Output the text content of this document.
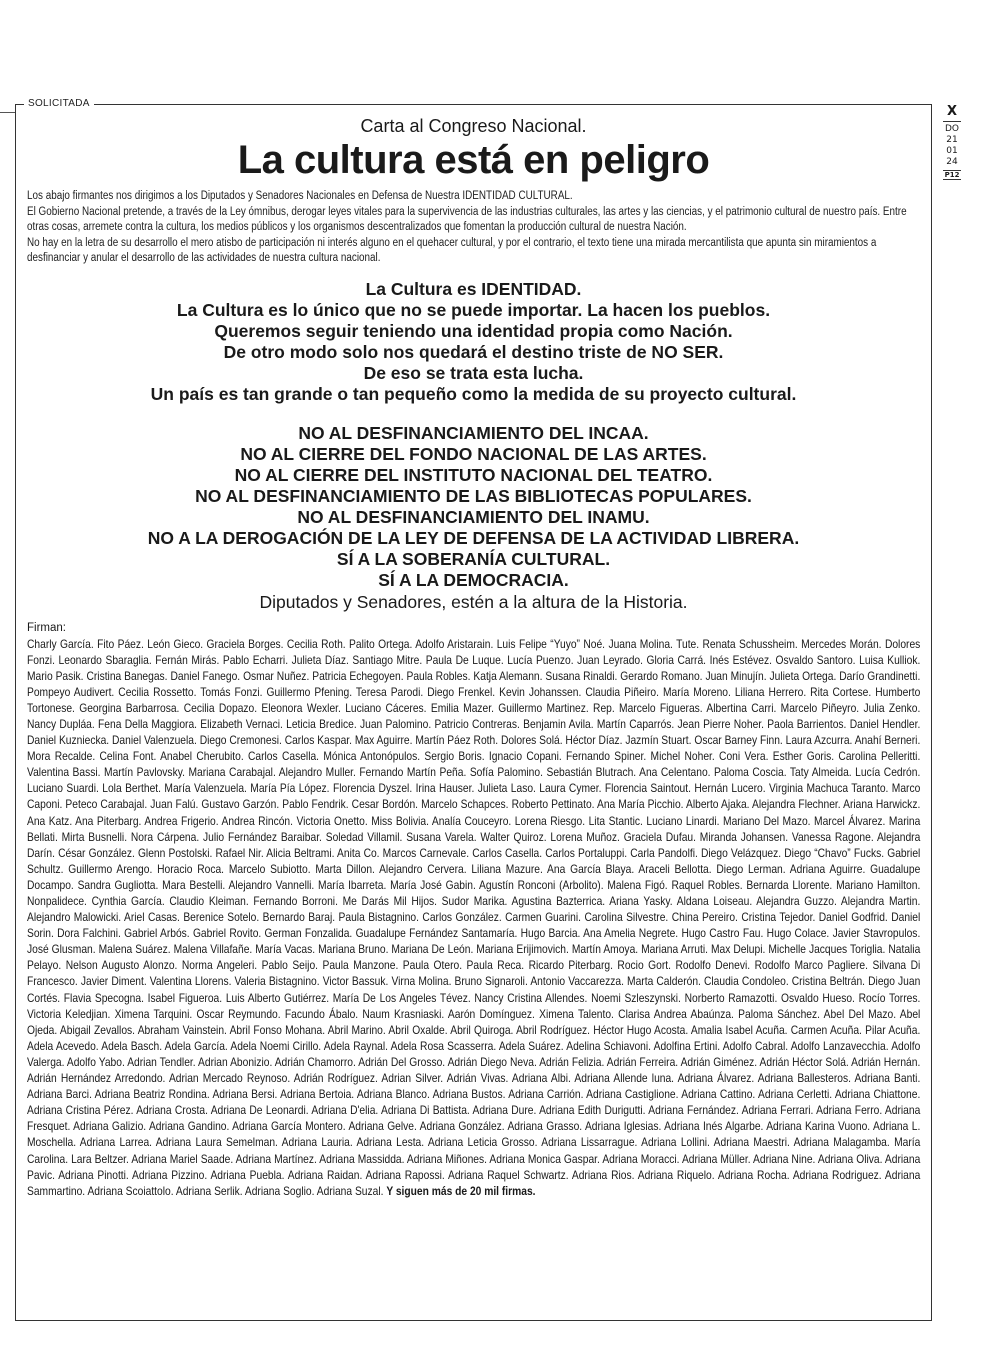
X
DO
21
01
24
P12
SOLICITADA

Carta al Congreso Nacional.

La cultura está en peligro

Los abajo firmantes nos dirigimos a los Diputados y Senadores Nacionales en Defensa de Nuestra IDENTIDAD CULTURAL.

El Gobierno Nacional pretende, a través de la Ley ómnibus, derogar leyes vitales para la supervivencia de las industrias culturales, las artes y las ciencias, y el patrimonio cultural de nuestro país. Entre otras cosas, arremete contra la cultura, los medios públicos y los organismos descentralizados que fomentan la producción cultural de nuestra Nación.

No hay en la letra de su desarrollo el mero atisbo de participación ni interés alguno en el quehacer cultural, y por el contrario, el texto tiene una mirada mercantilista que apunta sin miramientos a desfinanciar y anular el desarrollo de las actividades de nuestra cultura nacional.

La Cultura es IDENTIDAD.
La Cultura es lo único que no se puede importar. La hacen los pueblos.
Queremos seguir teniendo una identidad propia como Nación.
De otro modo solo nos quedará el destino triste de NO SER.
De eso se trata esta lucha.
Un país es tan grande o tan pequeño como la medida de su proyecto cultural.
NO AL DESFINANCIAMIENTO DEL INCAA.
NO AL CIERRE DEL FONDO NACIONAL DE LAS ARTES.
NO AL CIERRE DEL INSTITUTO NACIONAL DEL TEATRO.
NO AL DESFINANCIAMIENTO DE LAS BIBLIOTECAS POPULARES.
NO AL DESFINANCIAMIENTO DEL INAMU.
NO A LA DEROGACIÓN DE LA LEY DE DEFENSA DE LA ACTIVIDAD LIBRERA.
SÍ A LA SOBERANÍA CULTURAL.
SÍ A LA DEMOCRACIA.
Diputados y Senadores, estén a la altura de la Historia.
Firman:
Charly García. Fito Páez. León Gieco. Graciela Borges. Cecilia Roth. Palito Ortega. Adolfo Aristarain. Luis Felipe “Yuyo” Noé. Juana Molina. Tute. Renata Schussheim. Mercedes Morán. Dolores Fonzi. Leonardo Sbaraglia. Fernán Mirás. Pablo Echarri. Julieta Díaz. Santiago Mitre. Paula De Luque. Lucía Puenzo. Juan Leyrado. Gloria Carrá. Inés Estévez. Osvaldo Santoro. Luisa Kulliok. Mario Pasik. Cristina Banegas. Daniel Fanego. Osmar Nuñez. Patricia Echegoyen. Paula Robles. Katja Alemann. Susana Rinaldi. Gerardo Romano. Juan Minujín. Julieta Ortega. Darío Grandinetti. Pompeyo Audivert. Cecilia Rossetto. Tomás Fonzi. Guillermo Pfening. Teresa Parodi. Diego Frenkel. Kevin Johanssen. Claudia Piñeiro. María Moreno. Liliana Herrero. Rita Cortese. Humberto Tortonese. Georgina Barbarrosa. Cecilia Dopazo. Eleonora Wexler. Luciano Cáceres. Emilia Mazer. Guillermo Martinez. Rep. Marcelo Figueras. Albertina Carri. Marcelo Piñeyro. Julia Zenko. Nancy Dupláa. Fena Della Maggiora. Elizabeth Vernaci. Leticia Bredice. Juan Palomino. Patricio Contreras. Benjamin Avila. Martín Caparrós. Jean Pierre Noher. Paola Barrientos. Daniel Hendler. Daniel Kuzniecka. Daniel Valenzuela. Diego Cremonesi. Carlos Kaspar. Max Aguirre. Martín Páez Roth. Dolores Solá. Héctor Díaz. Jazmín Stuart. Oscar Barney Finn. Laura Azcurra. Anahí Berneri. Mora Recalde. Celina Font. Anabel Cherubito. Carlos Casella. Mónica Antonópulos. Sergio Boris. Ignacio Copani. Fernando Spiner. Michel Noher. Coni Vera. Esther Goris. Carolina Pelleritti. Valentina Bassi. Martín Pavlovsky. Mariana Carabajal. Alejandro Muller. Fernando Martín Peña. Sofía Palomino. Sebastián Blutrach. Ana Celentano. Paloma Coscia. Taty Almeida. Lucía Cedrón. Luciano Suardi. Lola Berthet. María Valenzuela. María Pía López. Florencia Dyszel. Irina Hauser. Julieta Laso. Laura Cymer. Florencia Saintout. Hernán Lucero. Virginia Machuca Taranto. Marco Caponi. Peteco Carabajal. Juan Falú. Gustavo Garzón. Pablo Fendrik. Cesar Bordón. Marcelo Schapces. Roberto Pettinato. Ana María Picchio. Alberto Ajaka. Alejandra Flechner. Ariana Harwickz. Ana Katz. Ana Piterbarg. Andrea Frigerio. Andrea Rincón. Victoria Onetto. Miss Bolivia. Analía Couceyro. Lorena Riesgo. Lita Stantic. Luciano Linardi. Mariano Del Mazo. Marcel Álvarez. Marina Bellati. Mirta Busnelli. Nora Cárpena. Julio Fernández Baraibar. Soledad Villamil. Susana Varela. Walter Quiroz. Lorena Muñoz. Graciela Dufau. Miranda Johansen. Vanessa Ragone. Alejandra Darín. César González. Glenn Postolski. Rafael Nir. Alicia Beltrami. Anita Co. Marcos Carnevale. Carlos Casella. Carlos Portaluppi. Carla Pandolfi. Diego Velázquez. Diego “Chavo” Fucks. Gabriel Schultz. Guillermo Arengo. Horacio Roca. Marcelo Subiotto. Marta Dillon. Alejandro Cervera. Liliana Mazure. Ana García Blaya. Araceli Bellotta. Diego Lerman. Adriana Aguirre. Guadalupe Docampo. Sandra Gugliotta. Mara Bestelli. Alejandro Vannelli. María Ibarreta. María José Gabin. Agustín Ronconi (Arbolito). Malena Figó. Raquel Robles. Bernarda Llorente. Mariano Hamilton. Nonpalidece. Cynthia García. Claudio Kleiman. Fernando Borroni. Me Darás Mil Hijos. Sudor Marika. Agustina Bazterrica. Ariana Yasky. Aldana Loiseau. Alejandra Guzzo. Alejandra Martin. Alejandro Malowicki. Ariel Casas. Berenice Sotelo. Bernardo Baraj. Paula Bistagnino. Carlos González. Carmen Guarini. Carolina Silvestre. China Pereiro. Cristina Tejedor. Daniel Godfrid. Daniel Sorin. Dora Falchini. Gabriel Arbós. Gabriel Rovito. German Fonzalida. Guadalupe Fernández Santamaría. Hugo Barcia. Ana Amelia Negrete. Hugo Castro Fau. Hugo Colace. Javier Stavropulos. José Glusman. Malena Suárez. Malena Villafañe. María Vacas. Mariana Bruno. Mariana De León. Mariana Erijimovich. Martín Amoya. Mariana Arruti. Max Delupi. Michelle Jacques Toriglia. Natalia Pelayo. Nelson Augusto Alonzo. Norma Angeleri. Pablo Seijo. Paula Manzone. Paula Otero. Paula Reca. Ricardo Piterbarg. Rocio Gort. Rodolfo Denevi. Rodolfo Marco Pagliere. Silvana Di Francesco. Javier Diment. Valentina Llorens. Valeria Bistagnino. Victor Bassuk. Virna Molina. Bruno Signaroli. Antonio Vaccarezza. Marta Calderón. Claudia Condoleo. Cristina Beltrán. Diego Juan Cortés. Flavia Specogna. Isabel Figueroa. Luis Alberto Gutiérrez. María De Los Angeles Tévez. Nancy Cristina Allendes. Noemi Szleszynski. Norberto Ramazotti. Osvaldo Hueso. Rocío Torres. Victoria Keledjian. Ximena Tarquini. Oscar Reymundo. Facundo Ábalo. Naum Krasniaski. Aarón Domínguez. Ximena Talento. Clarisa Andrea Abaúnza. Paloma Sánchez. Abel Del Mazo. Abel Ojeda. Abigail Zevallos. Abraham Vainstein. Abril Fonso Mohana. Abril Marino. Abril Oxalde. Abril Quiroga. Abril Rodríguez. Héctor Hugo Acosta. Amalia Isabel Acuña. Carmen Acuña. Pilar Acuña. Adela Acevedo. Adela Basch. Adela García. Adela Noemi Cirillo. Adela Raynal. Adela Rosa Scasserra. Adela Suárez. Adelina Schiavoni. Adolfina Ertini. Adolfo Cabral. Adolfo Lanzavecchia. Adolfo Valerga. Adolfo Yabo. Adrian Tendler. Adrian Abonizio. Adrián Chamorro. Adrián Del Grosso. Adrián Diego Neva. Adrián Felizia. Adrián Ferreira. Adrián Giménez. Adrián Héctor Solá. Adrián Hernán. Adrián Hernández Arredondo. Adrian Mercado Reynoso. Adrián Rodríguez. Adrian Silver. Adrián Vivas. Adriana Albi. Adriana Allende luna. Adriana Álvarez. Adriana Ballesteros. Adriana Banti. Adriana Barci. Adriana Beatriz Rondina. Adriana Bersi. Adriana Bertoia. Adriana Blanco. Adriana Bustos. Adriana Carrión. Adriana Castiglione. Adriana Cattino. Adriana Cerletti. Adriana Chiattone. Adriana Cristina Pérez. Adriana Crosta. Adriana De Leonardi. Adriana D'elia. Adriana Di Battista. Adriana Dure. Adriana Edith Durigutti. Adriana Fernández. Adriana Ferrari. Adriana Ferro. Adriana Fresquet. Adriana Galizio. Adriana Gandino. Adriana García Montero. Adriana Gelve. Adriana González. Adriana Grasso. Adriana Iglesias. Adriana Inés Algarbe. Adriana Karina Vuono. Adriana L. Moschella. Adriana Larrea. Adriana Laura Semelman. Adriana Lauria. Adriana Lesta. Adriana Leticia Grosso. Adriana Lissarrague. Adriana Lollini. Adriana Maestri. Adriana Malagamba. María Carolina. Lara Beltzer. Adriana Mariel Saade. Adriana Martínez. Adriana Massidda. Adriana Miñones. Adriana Monica Gaspar. Adriana Moracci. Adriana Müller. Adriana Nine. Adriana Oliva. Adriana Pavic. Adriana Pinotti. Adriana Pizzino. Adriana Puebla. Adriana Raidan. Adriana Rapossi. Adriana Raquel Schwartz. Adriana Rios. Adriana Riquelo. Adriana Rocha. Adriana Rodriguez. Adriana Sammartino. Adriana Scoiattolo. Adriana Serlik. Adriana Soglio. Adriana Suzal. Y siguen más de 20 mil firmas.
